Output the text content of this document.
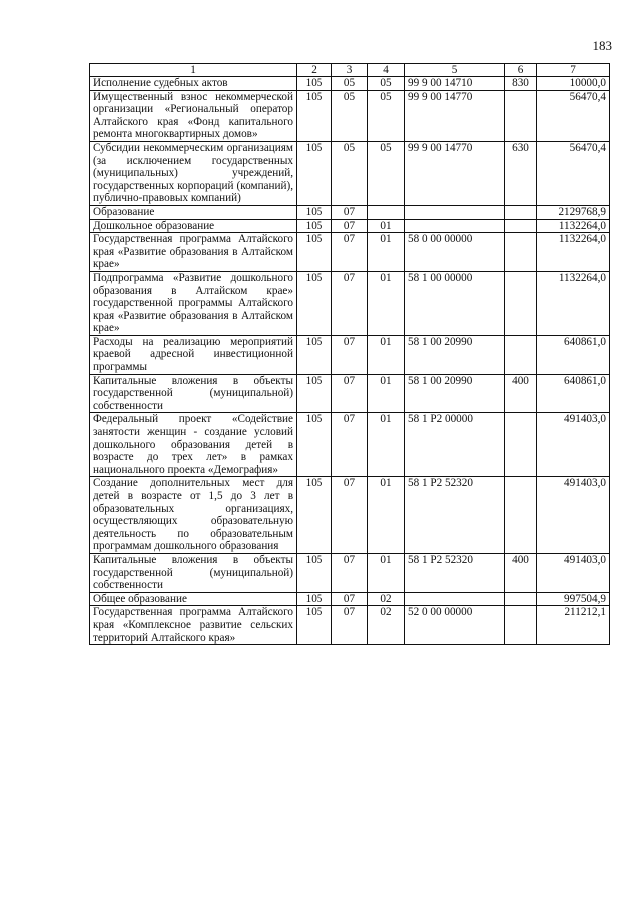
183
1	2	3	4	5	6	7
Исполнение судебных актов	105	05	05	99 9 00 14710	830	10000,0
Имущественный взнос некоммерческой организации «Региональный оператор Алтайского края «Фонд капитального ремонта многоквартирных домов»	105	05	05	99 9 00 14770		56470,4
Субсидии некоммерческим организациям (за исключением государственных (муниципальных) учреждений, государственных корпораций (компаний), публично-правовых компаний)	105	05	05	99 9 00 14770	630	56470,4
Образование	105	07				2129768,9
Дошкольное образование	105	07	01			1132264,0
Государственная программа Алтайского края «Развитие образования в Алтайском крае»	105	07	01	58 0 00 00000		1132264,0
Подпрограмма «Развитие дошкольного образования в Алтайском крае» государственной программы Алтайского края «Развитие образования в Алтайском крае»	105	07	01	58 1 00 00000		1132264,0
Расходы на реализацию мероприятий краевой адресной инвестиционной программы	105	07	01	58 1 00 20990		640861,0
Капитальные вложения в объекты государственной (муниципальной) собственности	105	07	01	58 1 00 20990	400	640861,0
Федеральный проект «Содействие занятости женщин - создание условий дошкольного образования детей в возрасте до трех лет» в рамках национального проекта «Демография»	105	07	01	58 1 P2 00000		491403,0
Создание дополнительных мест для детей в возрасте от 1,5 до 3 лет в образовательных организациях, осуществляющих образовательную деятельность по образовательным программам дошкольного образования	105	07	01	58 1 P2 52320		491403,0
Капитальные вложения в объекты государственной (муниципальной) собственности	105	07	01	58 1 P2 52320	400	491403,0
Общее образование	105	07	02			997504,9
Государственная программа Алтайского края «Комплексное развитие сельских территорий Алтайского края»	105	07	02	52 0 00 00000		211212,1
